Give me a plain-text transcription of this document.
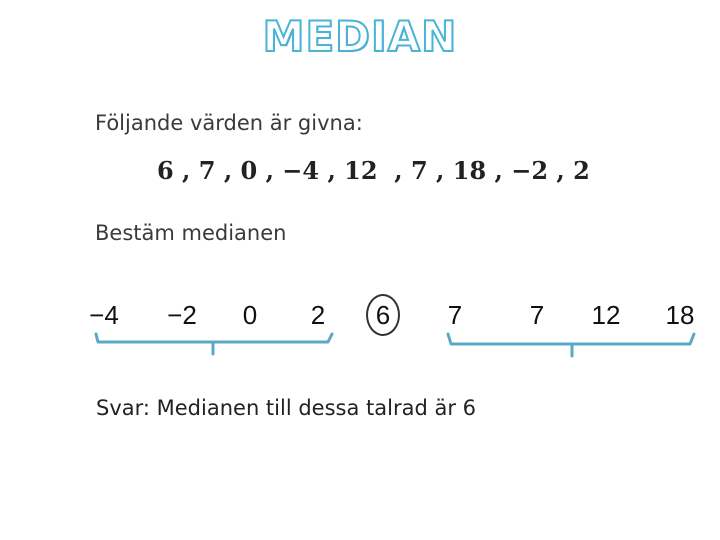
MEDIAN
Följande värden är givna:
6 , 7 , 0 , −4 , 12  , 7 , 18 , −2 , 2
Bestäm medianen
−4 −2 0 2 6 7	7 12 18
Svar: Medianen till dessa talrad är 6
